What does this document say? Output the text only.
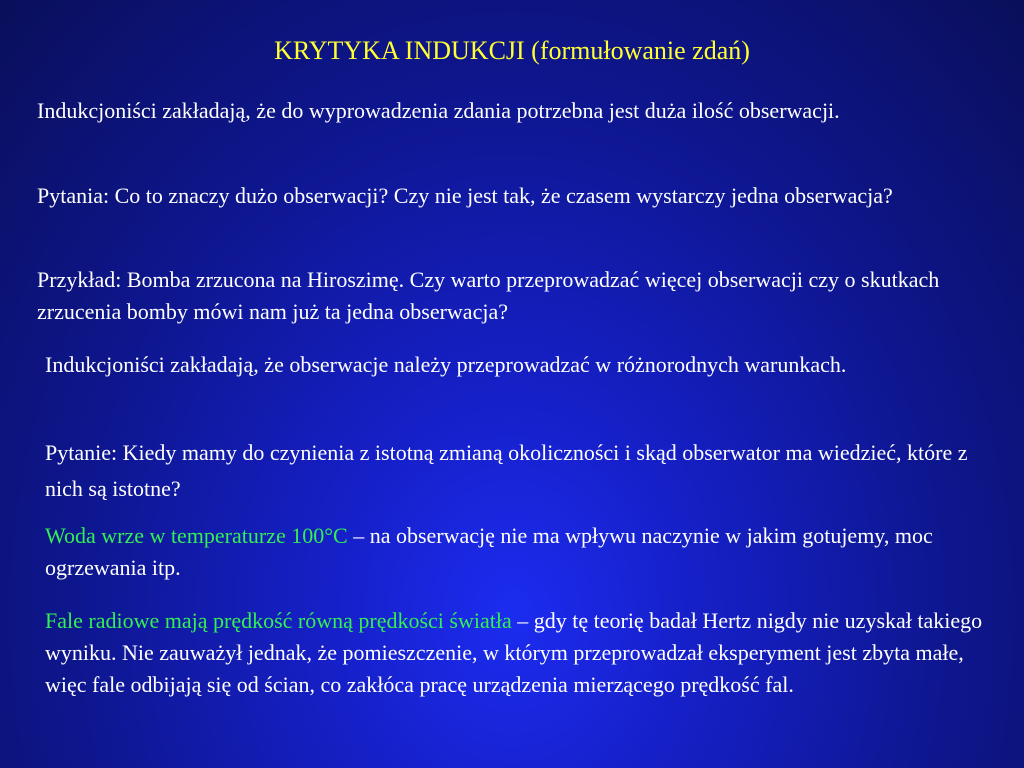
KRYTYKA INDUKCJI (formułowanie zdań)

Indukcjoniści zakładają, że do wyprowadzenia zdania potrzebna jest duża ilość obserwacji.

Pytania: Co to znaczy dużo obserwacji? Czy nie jest tak, że czasem wystarczy jedna obserwacja?

Przykład: Bomba zrzucona na Hiroszimę. Czy warto przeprowadzać więcej obserwacji czy o skutkach zrzucenia bomby mówi nam już ta jedna obserwacja?

Indukcjoniści zakładają, że obserwacje należy przeprowadzać w różnorodnych warunkach.

Pytanie: Kiedy mamy do czynienia z istotną zmianą okoliczności i skąd obserwator ma wiedzieć, które z nich są istotne?

Woda wrze w temperaturze 100°C – na obserwację nie ma wpływu naczynie w jakim gotujemy, moc ogrzewania itp.

Fale radiowe mają prędkość równą prędkości światła – gdy tę teorię badał Hertz nigdy nie uzyskał takiego wyniku. Nie zauważył jednak, że pomieszczenie, w którym przeprowadzał eksperyment jest zbyta małe, więc fale odbijają się od ścian, co zakłóca pracę urządzenia mierzącego prędkość fal.
